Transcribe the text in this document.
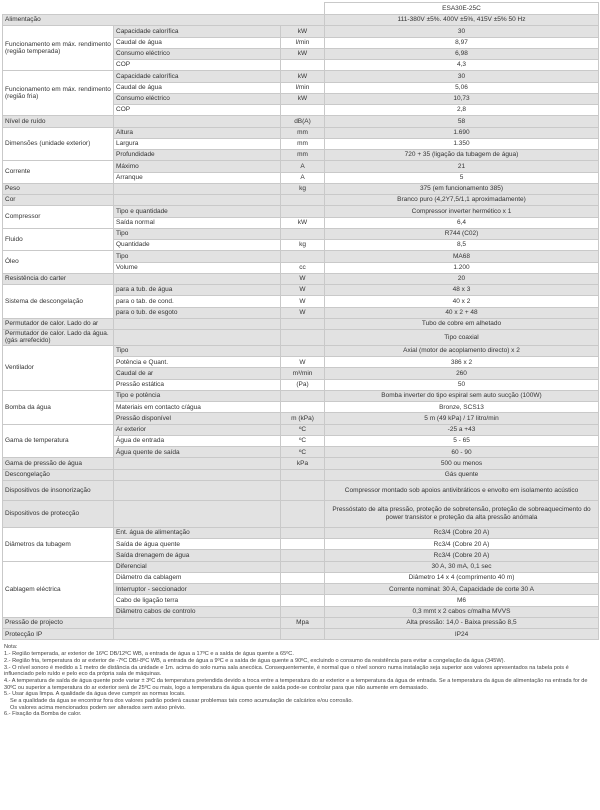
			ESA30E-25C
Alimentação			111-380V ±5%. 400V ±5%, 415V ±5% 50 Hz
Funcionamento em máx. rendimento (região temperada)	Capacidade calorífica	kW	30
	Caudal de água	l/min	8,97
	Consumo eléctrico	kW	6,98
	COP		4,3
Funcionamento em máx. rendimento (região fria)	Capacidade calorífica	kW	30
	Caudal de água	l/min	5,06
	Consumo eléctrico	kW	10,73
	COP		2,8
Nível de ruído		dB(A)	58
Dimensões (unidade exterior)	Altura	mm	1.690
	Largura	mm	1.350
	Profundidade	mm	720 + 35 (ligação da tubagem de água)
Corrente	Máximo	A	21
	Arranque	A	5
Peso		kg	375 (em funcionamento 385)
Cor			Branco puro (4,2Y7,5/1,1 aproximadamente)
Compressor	Tipo e quantidade		Compressor inverter hermético x 1
	Saída normal	kW	6,4
Fluido	Tipo		R744 (C02)
	Quantidade	kg	8,5
Óleo	Tipo		MA68
	Volume	cc	1.200
Resistência do carter		W	20
Sistema de descongelação	para a tub. de água	W	48 x 3
	para o tab. de cond.	W	40 x 2
	para o tub. de esgoto	W	40 x 2 + 48
Permutador de calor. Lado do ar			Tubo de cobre em alhetado
Permutador de calor. Lado da água. (gás arrefecido)			Tipo coaxial
Ventilador	Tipo		Axial (motor de acoplamento directo) x 2
	Potência e Quant.	W	386 x 2
	Caudal de ar	m³/min	260
	Pressão estática	(Pa)	50
Bomba da água	Tipo e potência		Bomba inverter do tipo espiral sem auto sucção (100W)
	Materiais em contacto c/água		Bronze, SCS13
	Pressão disponível	m (kPa)	5 m (49 kPa) / 17 litro/min
Gama de temperatura	Ar exterior	ºC	-25 a +43
	Água de entrada	ºC	5 - 65
	Água quente de saída	ºC	60 - 90
Gama de pressão de água		kPa	500 ou menos
Descongelação			Gás quente
Dispositivos de insonorização			Compressor montado sob apoios antivibráticos e envolto em isolamento acústico
Dispositivos de protecção			Pressóstato de alta pressão, proteção de sobretensão, proteção de sobreaquecimento do power transistor e proteção da alta pressão anómala
Diâmetros da tubagem	Ent. água de alimentação		Rc3/4 (Cobre 20 A)
	Saída de água quente		Rc3/4 (Cobre 20 A)
	Saída drenagem de água		Rc3/4 (Cobre 20 A)
Cablagem eléctrica	Diferencial		30 A, 30 mA, 0,1 sec
	Diâmetro da cablagem		Diâmetro 14 x 4 (comprimento 40 m)
	Interruptor - seccionador		Corrente nominal: 30 A, Capacidade de corte 30 A
	Cabo de ligação terra		M6
	Diâmetro cabos de controlo		0,3 mmt x 2 cabos c/malha MVVS
Pressão de projecto		Mpa	Alta pressão: 14,0 - Baixa pressão 8,5
Protecção IP			IP24
Nota:
1.- Região temperada, ar exterior de 16ºC DB/12ºC WB, a entrada de água a 17ºC e a saída de água quente a 65ºC.
2.- Região fria, temperatura do ar exterior de -7ºC DB/-8ºC WB, a entrada de água a 9ºC e a saída de água quente a 90ºC, excluindo o consumo da resistência para evitar a congelação da água (345W).
3.- O nível sonoro é medido a 1 metro de distância da unidade e 1m. acima do solo numa sala anecóica. Consequentemente, é normal que o nível sonoro numa instalação seja superior aos valores apresentados na tabela pois é influenciado pelo ruído e pelo eco da própria sala de máquinas.
4.- A temperatura de saída de água quente pode variar ± 3ºC da temperatura pretendida devido a troca entre a temperatura do ar exterior e a temperatura da água de entrada. Se a temperatura da água de alimentação na entrada for de 30ºC ou superior a temperatura do ar exterior será de 25ºC ou mais, logo a temperatura da água quente de saída pode-se controlar para que não aumente em demasiado.
5.- Usar água limpa. A qualidade da água deve cumprir as normas locais.
Se a qualidade da água se encontrar fora dos valores padrão poderá causar problemas tais como acumulação de calcários e/ou corrosão.
Os valores acima mencionados podem ser alterados sem aviso prévio.
6.- Fixação da Bomba de calor.
